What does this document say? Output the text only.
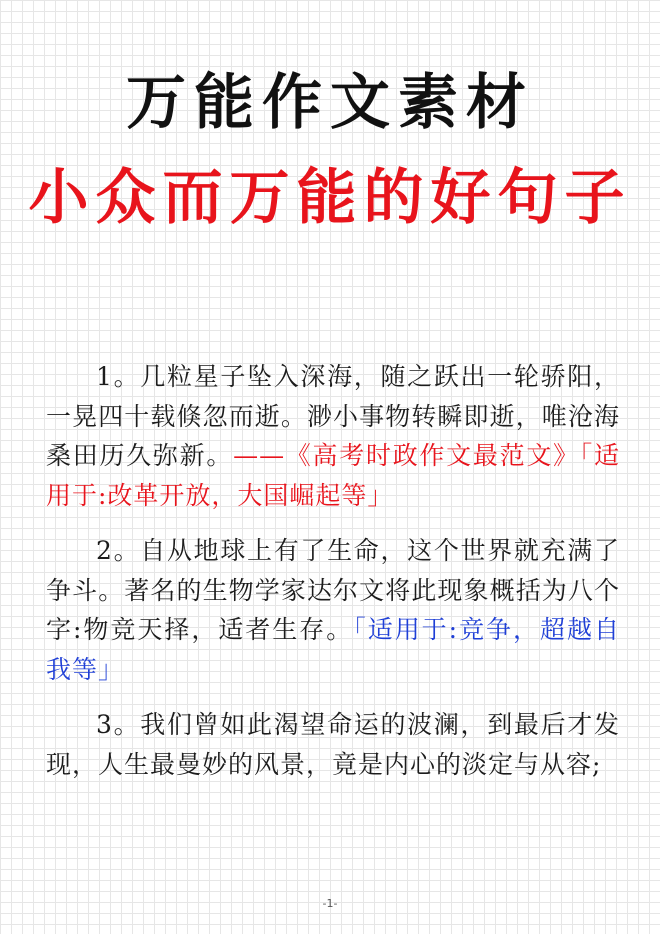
万能作文素材
小众而万能的好句子

1。几粒星子坠入深海，随之跃出一轮骄阳，一晃四十载倏忽而逝。渺小事物转瞬即逝，唯沧海桑田历久弥新。——《高考时政作文最范文》「适用于:改革开放，大国崛起等」

2。自从地球上有了生命，这个世界就充满了争斗。著名的生物学家达尔文将此现象概括为八个字:物竞天择，适者生存。「适用于:竞争，超越自我等」

3。我们曾如此渴望命运的波澜，到最后才发现，人生最曼妙的风景，竟是内心的淡定与从容;

-1-
